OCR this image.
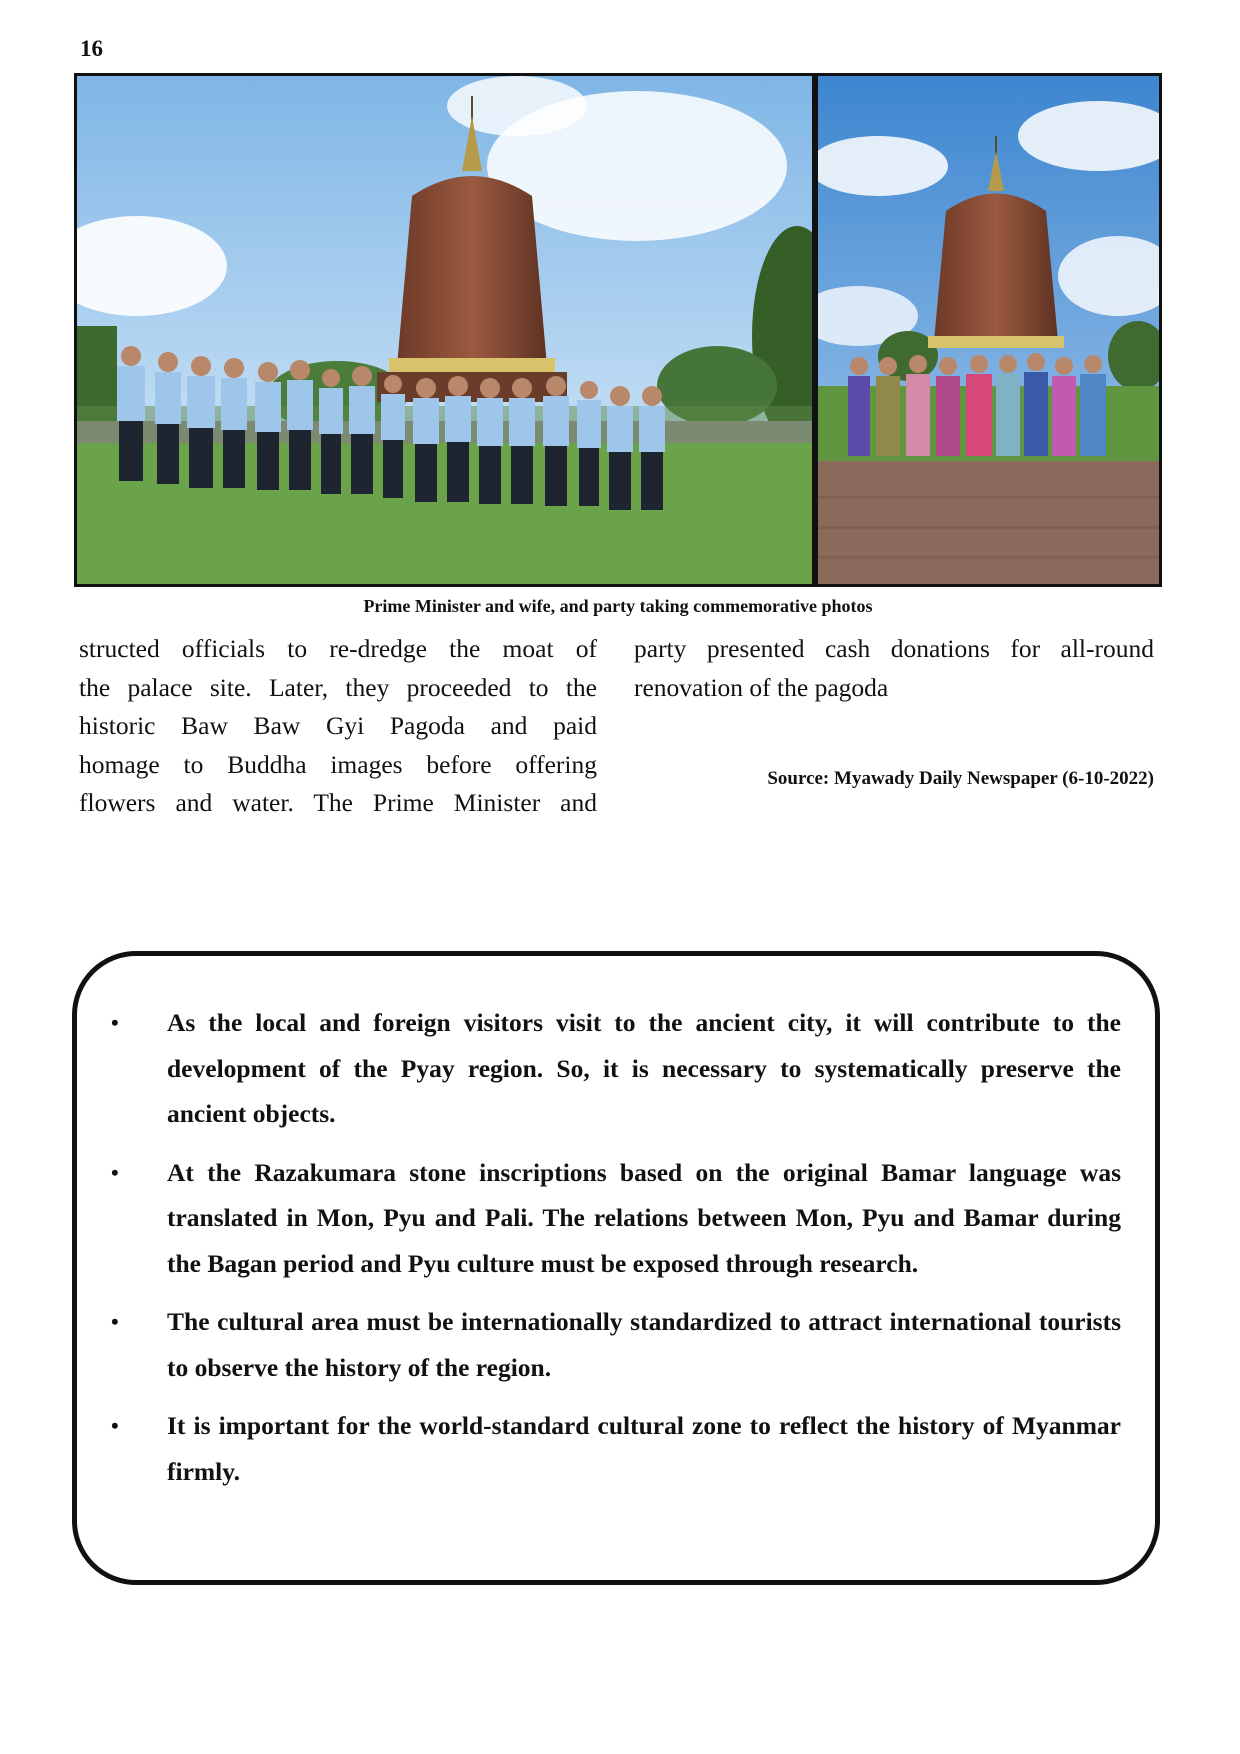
16
Prime Minister and wife, and party taking commemorative photos
structed officials to re-dredge the moat of
the palace site. Later, they proceeded to the
historic Baw Baw Gyi Pagoda and paid
homage to Buddha images before offering
flowers and water. The Prime Minister and

party presented cash donations for all-round renovation of the pagoda

Source: Myawady Daily Newspaper (6-10-2022)
• As the local and foreign visitors visit to the ancient city, it will contribute to the development of the Pyay region. So, it is necessary to systematically preserve the ancient objects.
• At the Razakumara stone inscriptions based on the original Bamar language was translated in Mon, Pyu and Pali. The relations between Mon, Pyu and Bamar during the Bagan period and Pyu culture must be exposed through research.
• The cultural area must be internationally standardized to attract international tourists to observe the history of the region.
• It is important for the world-standard cultural zone to reflect the history of Myanmar firmly.
